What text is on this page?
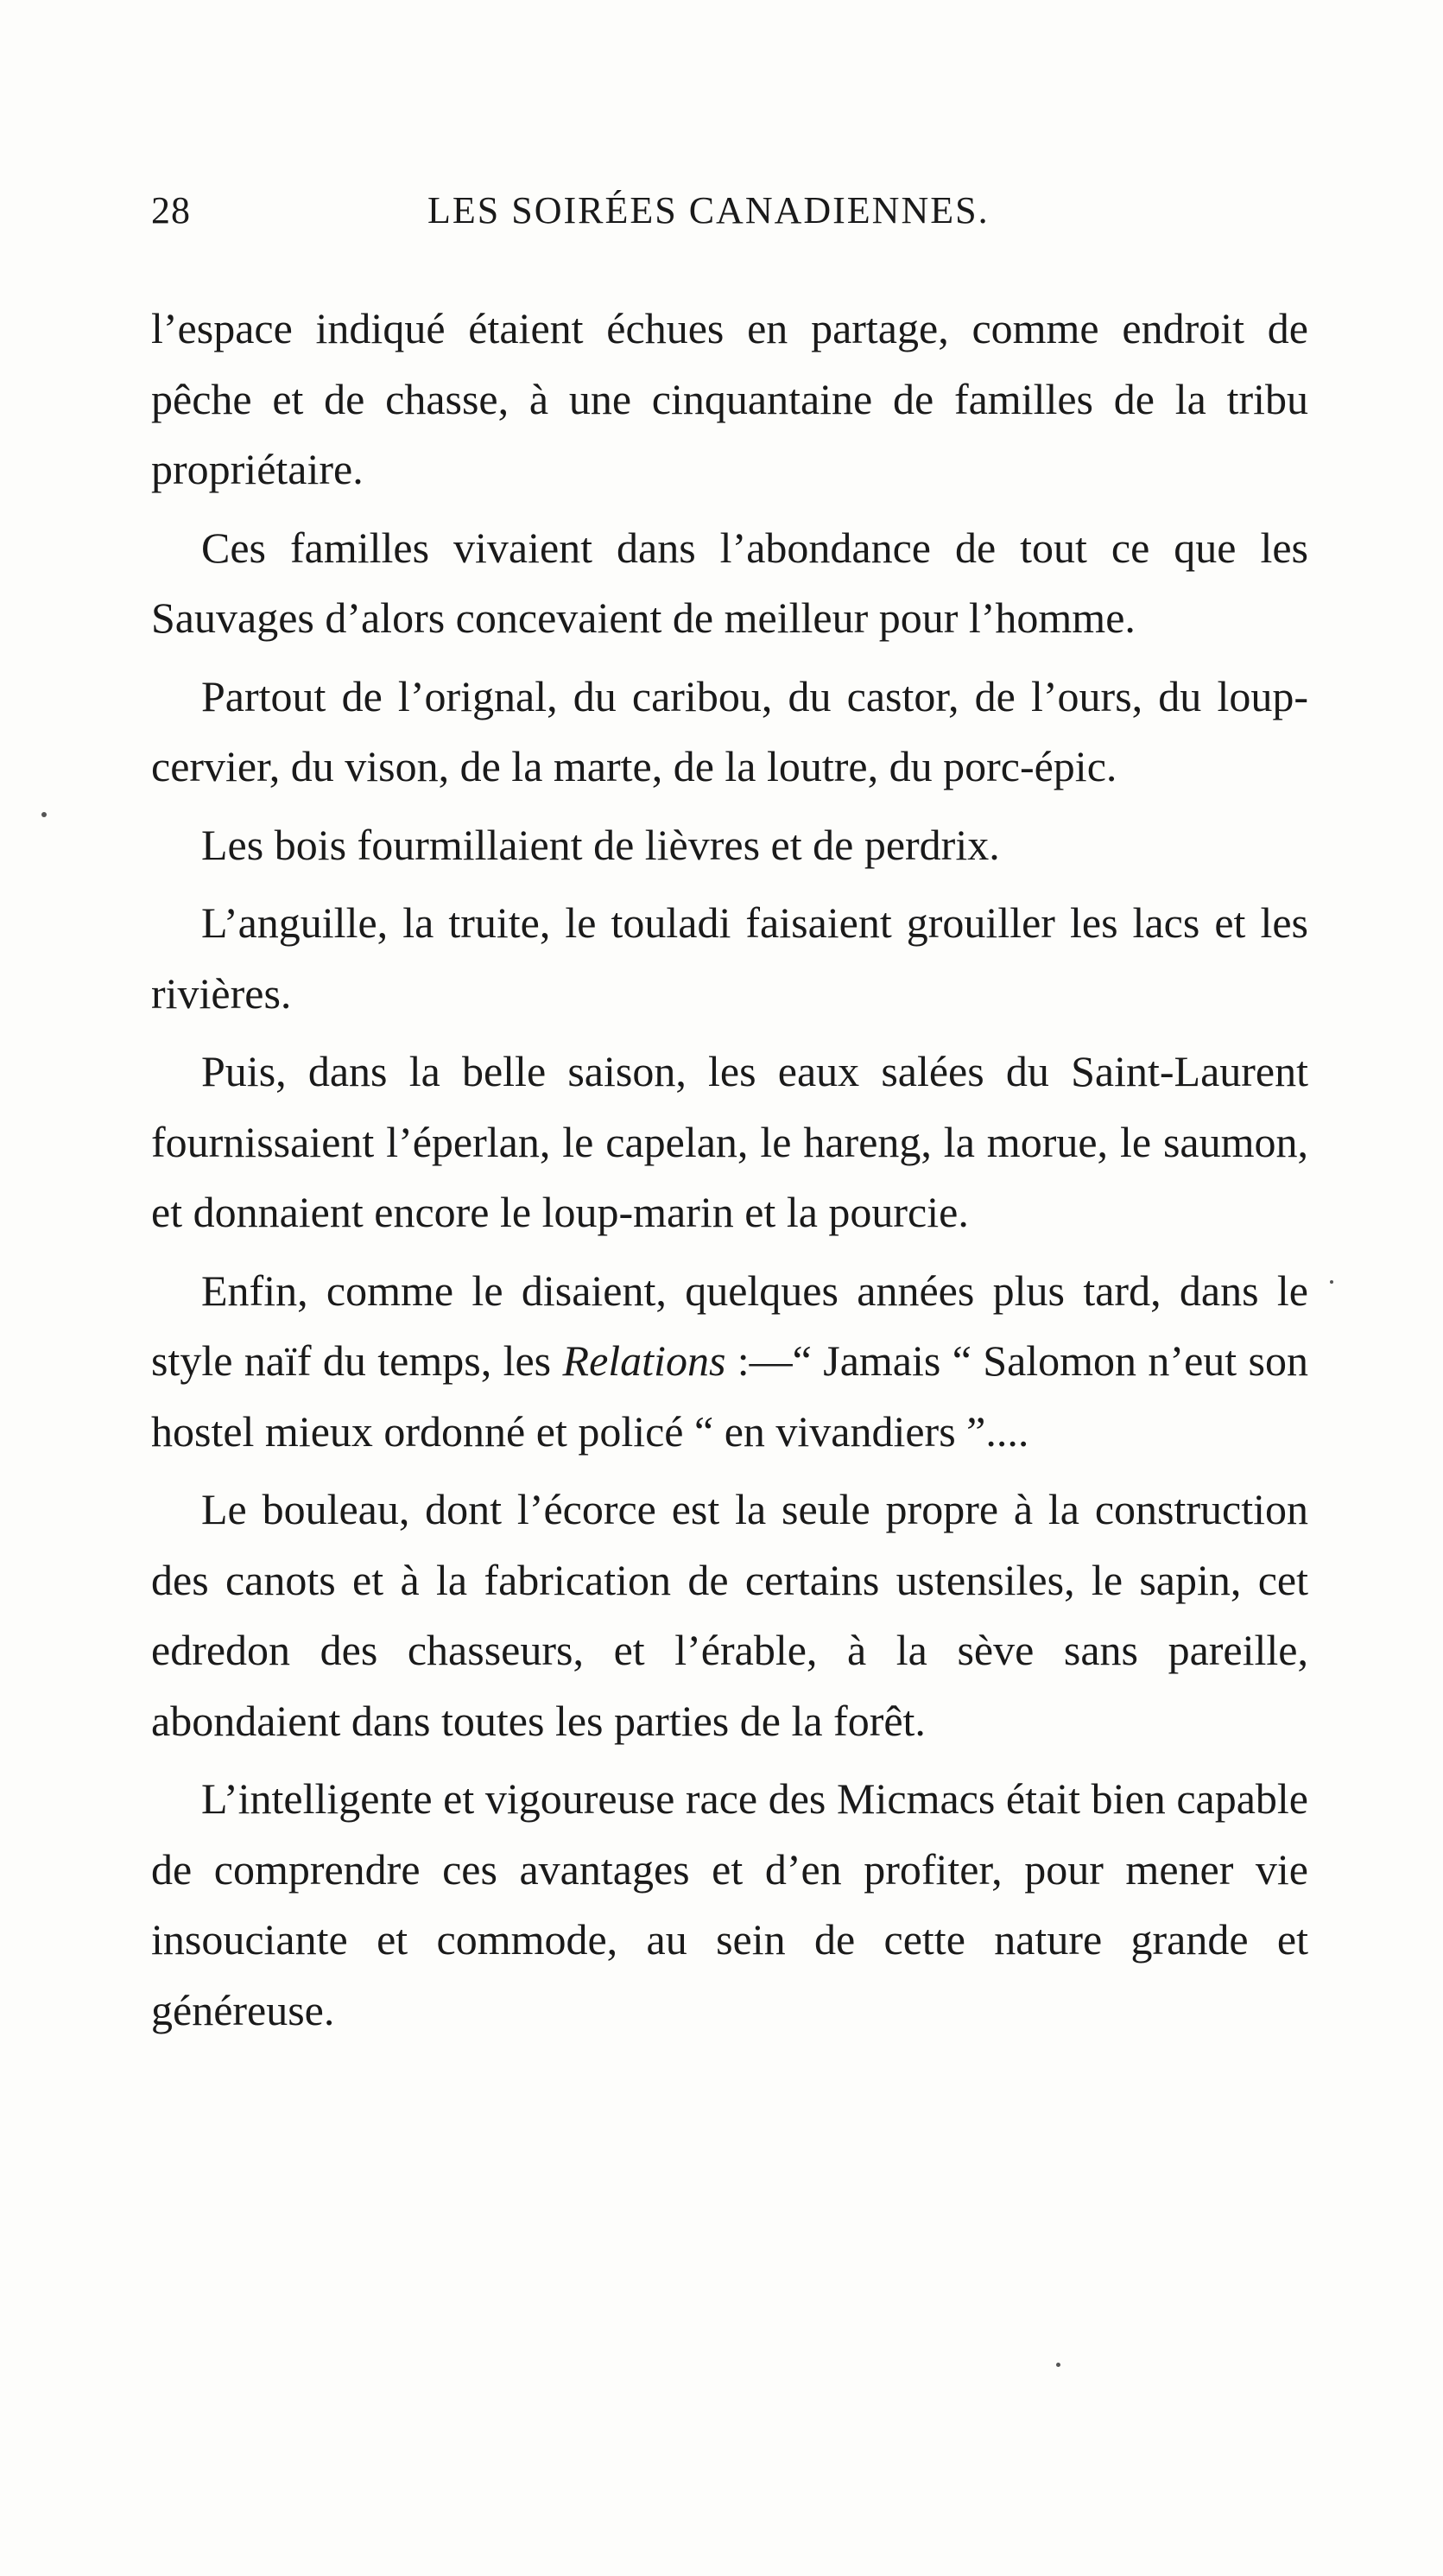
28	LES SOIRÉES CANADIENNES.

l’espace indiqué étaient échues en partage, comme endroit de pêche et de chasse, à une cinquantaine de familles de la tribu propriétaire.

Ces familles vivaient dans l’abondance de tout ce que les Sauvages d’alors concevaient de meilleur pour l’homme.

Partout de l’orignal, du caribou, du castor, de l’ours, du loup-cervier, du vison, de la marte, de la loutre, du porc-épic.

Les bois fourmillaient de lièvres et de perdrix.

L’anguille, la truite, le touladi faisaient grouiller les lacs et les rivières.

Puis, dans la belle saison, les eaux salées du Saint-Laurent fournissaient l’éperlan, le capelan, le hareng, la morue, le saumon, et donnaient encore le loup-marin et la pourcie.

Enfin, comme le disaient, quelques années plus tard, dans le style naïf du temps, les Relations :—“ Jamais “ Salomon n’eut son hostel mieux ordonné et policé “ en vivandiers ”....

Le bouleau, dont l’écorce est la seule propre à la construction des canots et à la fabrication de certains ustensiles, le sapin, cet edredon des chasseurs, et l’érable, à la sève sans pareille, abondaient dans toutes les parties de la forêt.

L’intelligente et vigoureuse race des Micmacs était bien capable de comprendre ces avantages et d’en profiter, pour mener vie insouciante et commode, au sein de cette nature grande et généreuse.
